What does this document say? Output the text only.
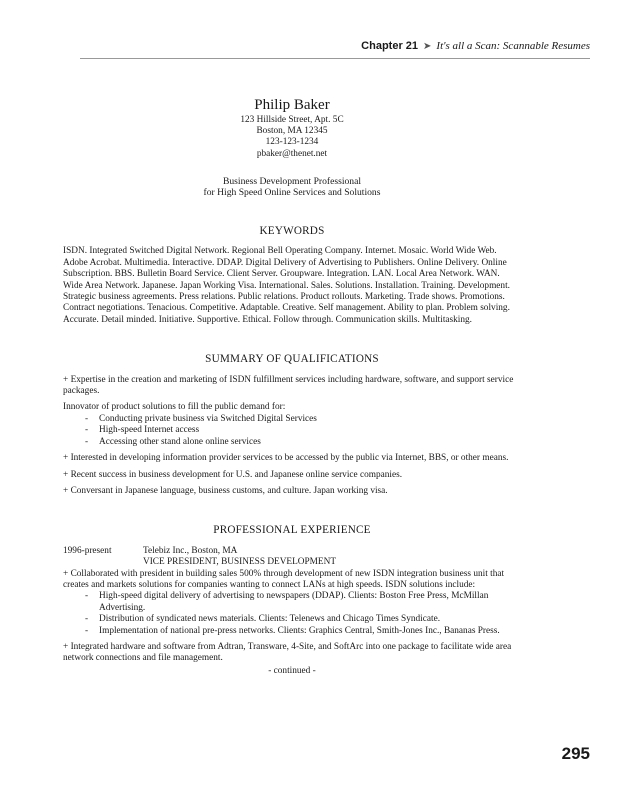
Chapter 21 ➤ It's all a Scan: Scannable Resumes
Philip Baker
123 Hillside Street, Apt. 5C
Boston, MA 12345
123-123-1234
pbaker@thenet.net
Business Development Professional
for High Speed Online Services and Solutions
KEYWORDS

ISDN. Integrated Switched Digital Network. Regional Bell Operating Company. Internet. Mosaic. World Wide Web. Adobe Acrobat. Multimedia. Interactive. DDAP. Digital Delivery of Advertising to Publishers. Online Delivery. Online Subscription. BBS. Bulletin Board Service. Client Server. Groupware. Integration. LAN. Local Area Network. WAN. Wide Area Network. Japanese. Japan Working Visa. International. Sales. Solutions. Installation. Training. Development. Strategic business agreements. Press relations. Public relations. Product rollouts. Marketing. Trade shows. Promotions. Contract negotiations. Tenacious. Competitive. Adaptable. Creative. Self management. Ability to plan. Problem solving. Accurate. Detail minded. Initiative. Supportive. Ethical. Follow through. Communication skills. Multitasking.

SUMMARY OF QUALIFICATIONS

+ Expertise in the creation and marketing of ISDN fulfillment services including hardware, software, and support service packages.

Innovator of product solutions to fill the public demand for:

- Conducting private business via Switched Digital Services
- High-speed Internet access
- Accessing other stand alone online services

+ Interested in developing information provider services to be accessed by the public via Internet, BBS, or other means.

+ Recent success in business development for U.S. and Japanese online service companies.

+ Conversant in Japanese language, business customs, and culture. Japan working visa.

PROFESSIONAL EXPERIENCE
1996-present	Telebiz Inc., Boston, MA
VICE PRESIDENT, BUSINESS DEVELOPMENT

+ Collaborated with president in building sales 500% through development of new ISDN integration business unit that creates and markets solutions for companies wanting to connect LANs at high speeds. ISDN solutions include:

- High-speed digital delivery of advertising to newspapers (DDAP). Clients: Boston Free Press, McMillan Advertising.
- Distribution of syndicated news materials. Clients: Telenews and Chicago Times Syndicate.
- Implementation of national pre-press networks. Clients: Graphics Central, Smith-Jones Inc., Bananas Press.

+ Integrated hardware and software from Adtran, Transware, 4-Site, and SoftArc into one package to facilitate wide area network connections and file management.

- continued -
295
